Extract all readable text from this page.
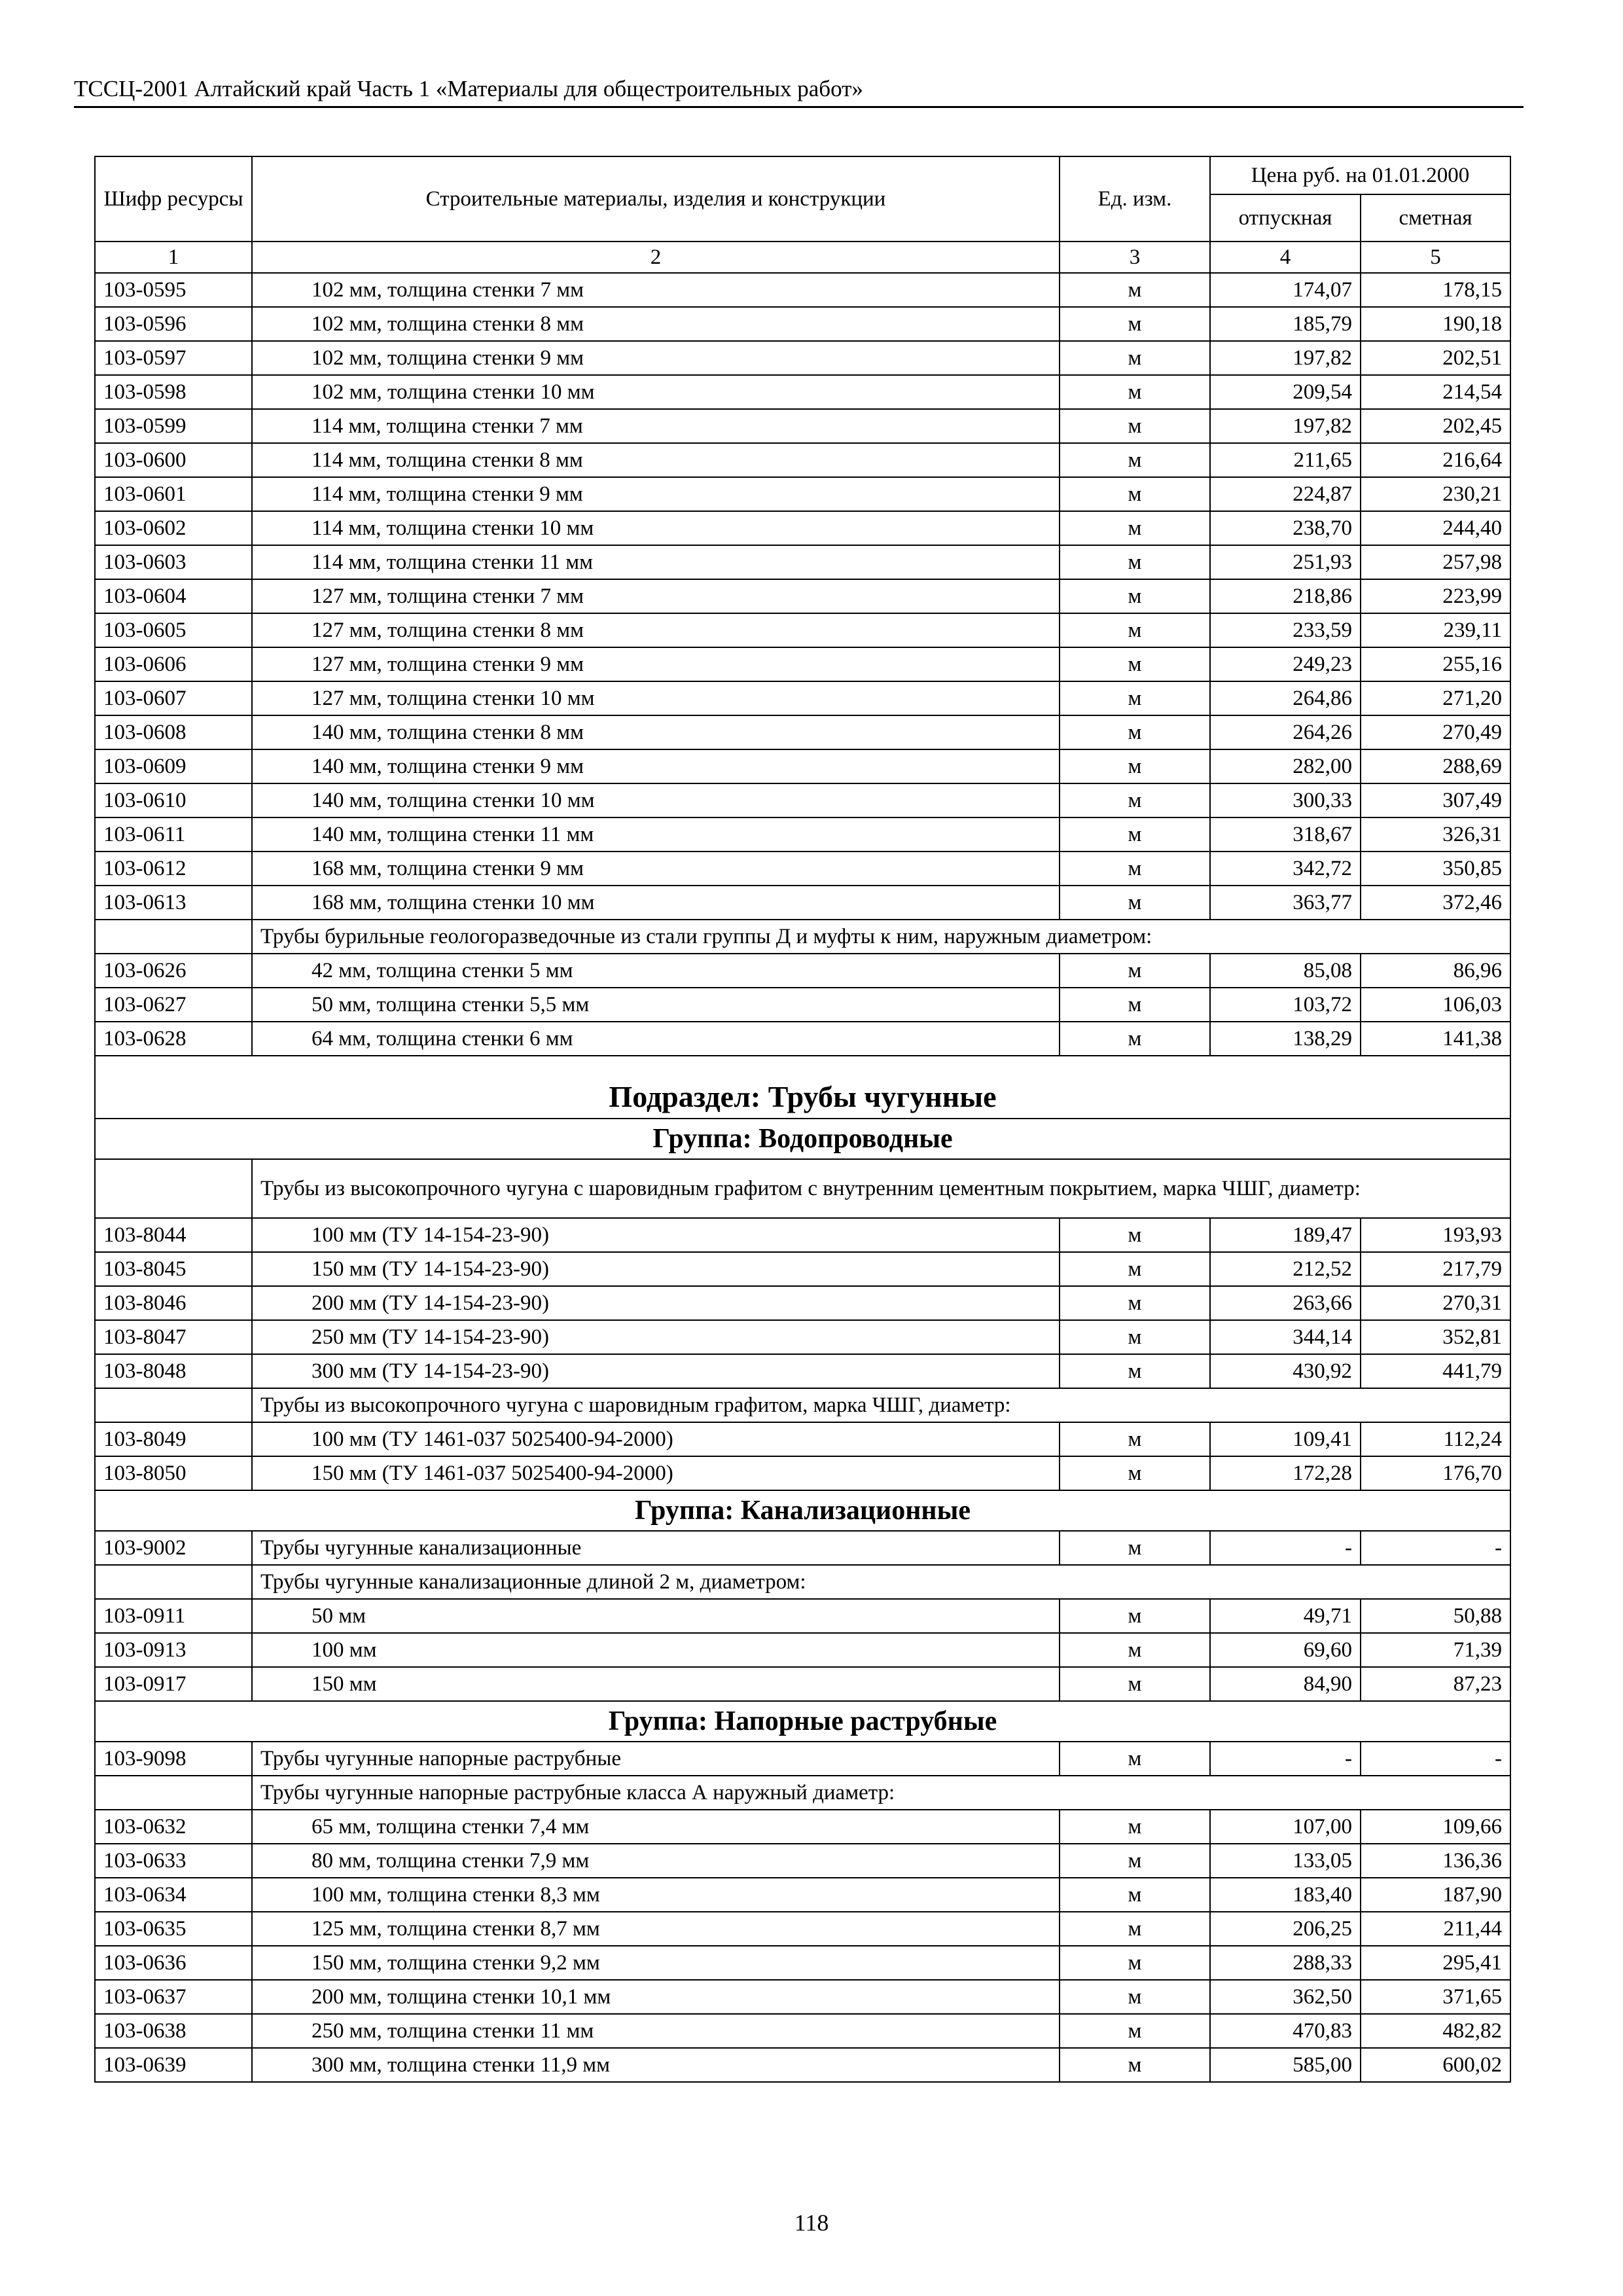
ТССЦ-2001 Алтайский край Часть 1 «Материалы для общестроительных работ»
Шифр ресурсы	Строительные материалы, изделия и конструкции	Ед. изм.	Цена руб. на 01.01.2000	
			отпускная	сметная
1	2	3	4	5
103-0595	102 мм, толщина стенки 7 мм	м	174,07	178,15
103-0596	102 мм, толщина стенки 8 мм	м	185,79	190,18
103-0597	102 мм, толщина стенки 9 мм	м	197,82	202,51
103-0598	102 мм, толщина стенки 10 мм	м	209,54	214,54
103-0599	114 мм, толщина стенки 7 мм	м	197,82	202,45
103-0600	114 мм, толщина стенки 8 мм	м	211,65	216,64
103-0601	114 мм, толщина стенки 9 мм	м	224,87	230,21
103-0602	114 мм, толщина стенки 10 мм	м	238,70	244,40
103-0603	114 мм, толщина стенки 11 мм	м	251,93	257,98
103-0604	127 мм, толщина стенки 7 мм	м	218,86	223,99
103-0605	127 мм, толщина стенки 8 мм	м	233,59	239,11
103-0606	127 мм, толщина стенки 9 мм	м	249,23	255,16
103-0607	127 мм, толщина стенки 10 мм	м	264,86	271,20
103-0608	140 мм, толщина стенки 8 мм	м	264,26	270,49
103-0609	140 мм, толщина стенки 9 мм	м	282,00	288,69
103-0610	140 мм, толщина стенки 10 мм	м	300,33	307,49
103-0611	140 мм, толщина стенки 11 мм	м	318,67	326,31
103-0612	168 мм, толщина стенки 9 мм	м	342,72	350,85
103-0613	168 мм, толщина стенки 10 мм	м	363,77	372,46
	Трубы бурильные геологоразведочные из стали группы Д и муфты к ним, наружным диаметром:			
103-0626	42 мм, толщина стенки 5 мм	м	85,08	86,96
103-0627	50 мм, толщина стенки 5,5 мм	м	103,72	106,03
103-0628	64 мм, толщина стенки 6 мм	м	138,29	141,38
Подраздел: Трубы чугунные				
Группа: Водопроводные				
	Трубы из высокопрочного чугуна с шаровидным графитом с внутренним цементным покрытием, марка ЧШГ, диаметр:			
103-8044	100 мм (ТУ 14-154-23-90)	м	189,47	193,93
103-8045	150 мм (ТУ 14-154-23-90)	м	212,52	217,79
103-8046	200 мм (ТУ 14-154-23-90)	м	263,66	270,31
103-8047	250 мм (ТУ 14-154-23-90)	м	344,14	352,81
103-8048	300 мм (ТУ 14-154-23-90)	м	430,92	441,79
	Трубы из высокопрочного чугуна с шаровидным графитом, марка ЧШГ, диаметр:			
103-8049	100 мм (ТУ 1461-037 5025400-94-2000)	м	109,41	112,24
103-8050	150 мм (ТУ 1461-037 5025400-94-2000)	м	172,28	176,70
Группа: Канализационные				
103-9002	Трубы чугунные канализационные	м	-	-
	Трубы чугунные канализационные длиной 2 м, диаметром:			
103-0911	50 мм	м	49,71	50,88
103-0913	100 мм	м	69,60	71,39
103-0917	150 мм	м	84,90	87,23
Группа: Напорные раструбные				
103-9098	Трубы чугунные напорные раструбные	м	-	-
	Трубы чугунные напорные раструбные класса А наружный диаметр:			
103-0632	65 мм, толщина стенки 7,4 мм	м	107,00	109,66
103-0633	80 мм, толщина стенки 7,9 мм	м	133,05	136,36
103-0634	100 мм, толщина стенки 8,3 мм	м	183,40	187,90
103-0635	125 мм, толщина стенки 8,7 мм	м	206,25	211,44
103-0636	150 мм, толщина стенки 9,2 мм	м	288,33	295,41
103-0637	200 мм, толщина стенки 10,1 мм	м	362,50	371,65
103-0638	250 мм, толщина стенки 11 мм	м	470,83	482,82
103-0639	300 мм, толщина стенки 11,9 мм	м	585,00	600,02
118
